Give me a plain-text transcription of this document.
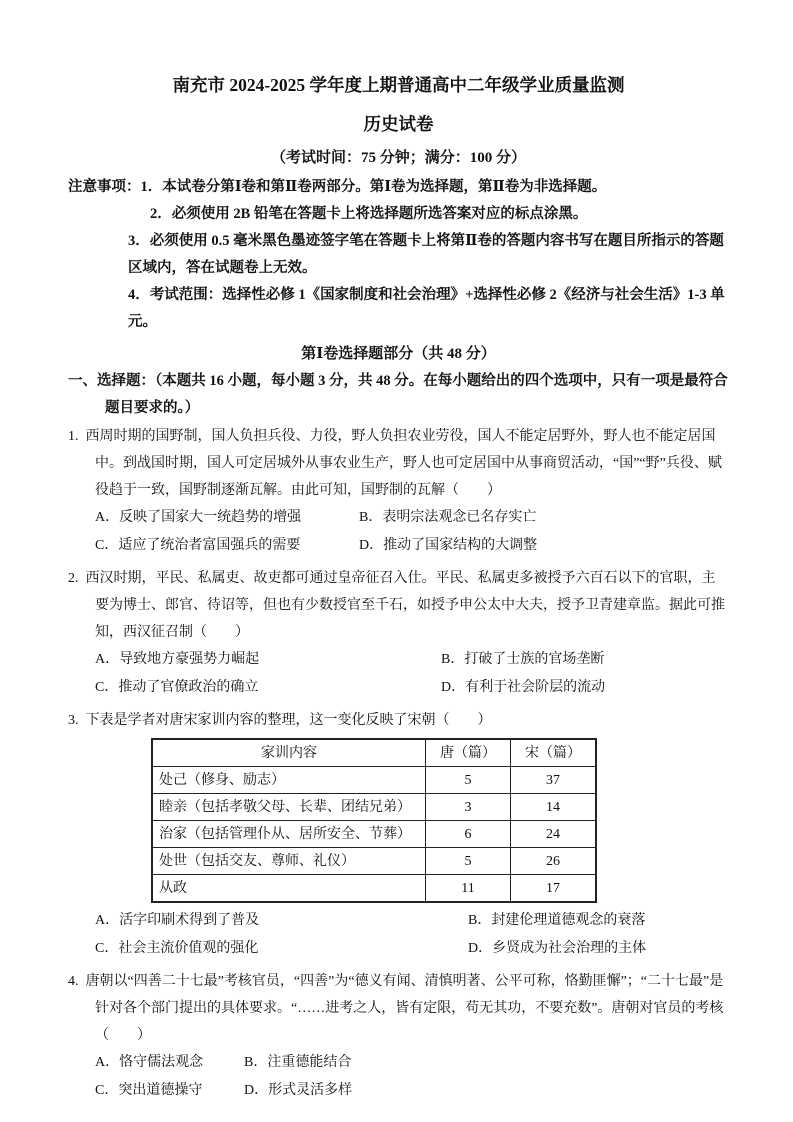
南充市 2024-2025 学年度上期普通高中二年级学业质量监测
历史试卷
（考试时间：75 分钟；满分：100 分）

注意事项：1．本试卷分第Ⅰ卷和第Ⅱ卷两部分。第Ⅰ卷为选择题，第Ⅱ卷为非选择题。

2．必须使用 2B 铅笔在答题卡上将选择题所选答案对应的标点涂黑。

3．必须使用 0.5 毫米黑色墨迹签字笔在答题卡上将第Ⅱ卷的答题内容书写在题目所指示的答题区域内，答在试题卷上无效。

4．考试范围：选择性必修 1《国家制度和社会治理》+选择性必修 2《经济与社会生活》1-3 单元。

第Ⅰ卷选择题部分（共 48 分）

一、选择题：（本题共 16 小题，每小题 3 分，共 48 分。在每小题给出的四个选项中，只有一项是最符合题目要求的。）

1. 西周时期的国野制，国人负担兵役、力役，野人负担农业劳役，国人不能定居野外，野人也不能定居国中。到战国时期，国人可定居城外从事农业生产，野人也可定居国中从事商贸活动，“国”“野”兵役、赋役趋于一致，国野制逐渐瓦解。由此可知，国野制的瓦解（　　）

A．反映了国家大一统趋势的增强	B．表明宗法观念已名存实亡
C．适应了统治者富国强兵的需要	D．推动了国家结构的大调整

2. 西汉时期，平民、私属吏、故吏都可通过皇帝征召入仕。平民、私属吏多被授予六百石以下的官职，主要为博士、郎官、待诏等，但也有少数授官至千石，如授予申公太中大夫，授予卫青建章监。据此可推知，西汉征召制（　　）

A．导致地方豪强势力崛起	B．打破了士族的官场垄断
C．推动了官僚政治的确立	D．有利于社会阶层的流动

3. 下表是学者对唐宋家训内容的整理，这一变化反映了宋朝（　　）

家训内容	唐（篇）	宋（篇）
处己（修身、励志）	5	37
睦亲（包括孝敬父母、长辈、团结兄弟）	3	14
治家（包括管理仆从、居所安全、节葬）	6	24
处世（包括交友、尊师、礼仪）	5	26
从政	11	17
A．活字印刷术得到了普及	B．封建伦理道德观念的衰落
C．社会主流价值观的强化	D．乡贤成为社会治理的主体

4. 唐朝以“四善二十七最”考核官员，“四善”为“德义有闻、清慎明著、公平可称，恪勤匪懈”；“二十七最”是针对各个部门提出的具体要求。“……进考之人，皆有定限，苟无其功，不要充数”。唐朝对官员的考核（　　）

A．恪守儒法观念	B．注重德能结合
C．突出道德操守	D．形式灵活多样
